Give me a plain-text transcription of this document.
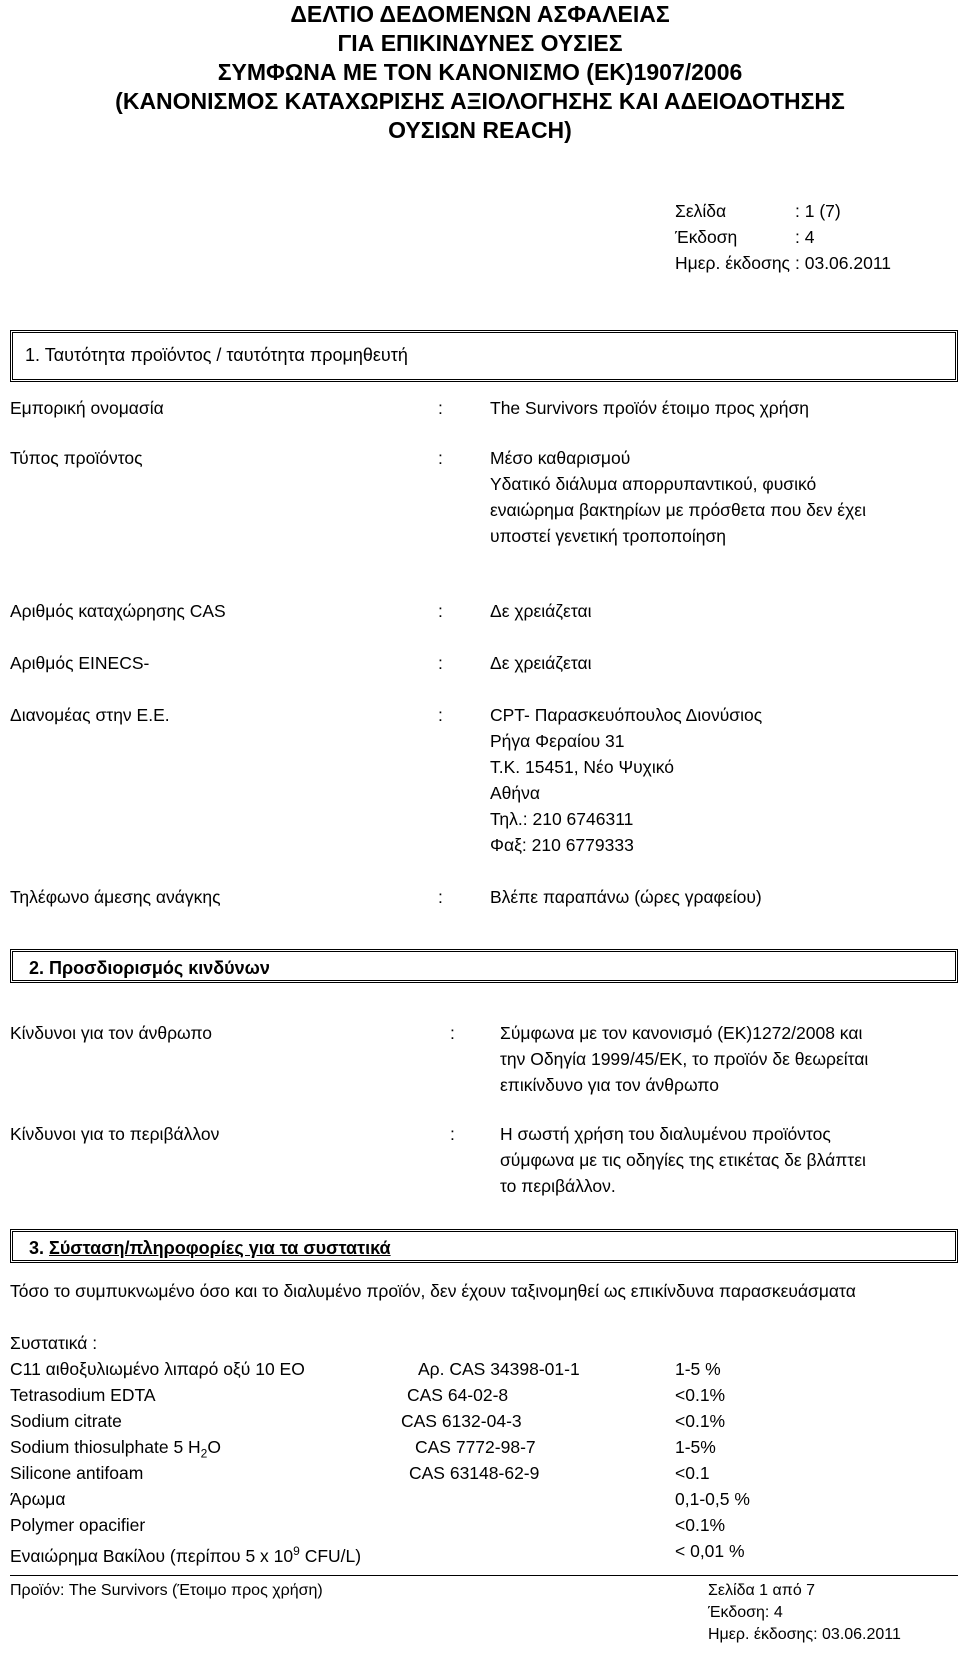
ΔΕΛΤΙΟ ΔΕΔΟΜΕΝΩΝ ΑΣΦΑΛΕΙΑΣ
ΓΙΑ ΕΠΙΚΙΝΔΥΝΕΣ ΟΥΣΙΕΣ
ΣΥΜΦΩΝΑ ΜΕ ΤΟΝ ΚΑΝΟΝΙΣΜΟ (ΕΚ)1907/2006
(ΚΑΝΟΝΙΣΜΟΣ ΚΑΤΑΧΩΡΙΣΗΣ ΑΞΙΟΛΟΓΗΣΗΣ ΚΑΙ ΑΔΕΙΟΔΟΤΗΣΗΣ
ΟΥΣΙΩΝ REACH)
Σελίδα	: 1 (7)
Έκδοση	: 4
Ημερ. έκδοσης : 03.06.2011
1. Ταυτότητα προϊόντος / ταυτότητα προμηθευτή
Εμπορική ονομασία	:	The Survivors προϊόν έτοιμο προς χρήση
Τύπος προϊόντος	:	Μέσο καθαρισμού
Υδατικό διάλυμα απορρυπαντικού, φυσικό
εναιώρημα βακτηρίων με πρόσθετα που δεν έχει
υποστεί γενετική τροποποίηση
Αριθμός καταχώρησης CAS	:	Δε χρειάζεται
Αριθμός EINECS-	:	Δε χρειάζεται
Διανομέας στην Ε.Ε.	:	CPT- Παρασκευόπουλος Διονύσιος
Ρήγα Φεραίου 31
Τ.Κ. 15451, Νέο Ψυχικό
Αθήνα
Τηλ.: 210 6746311
Φαξ: 210 6779333
Τηλέφωνο άμεσης ανάγκης	:	Βλέπε παραπάνω (ώρες γραφείου)
2. Προσδιορισμός κινδύνων
Κίνδυνοι για τον άνθρωπο	:	Σύμφωνα με τον κανονισμό (ΕΚ)1272/2008 και
την Οδηγία 1999/45/ΕΚ, το προϊόν δε θεωρείται
επικίνδυνο για τον άνθρωπο
Κίνδυνοι για το περιβάλλον	:	Η σωστή χρήση του διαλυμένου προϊόντος
σύμφωνα με τις οδηγίες της ετικέτας δε βλάπτει
το περιβάλλον.
3. Σύσταση/πληροφορίες για τα συστατικά
Τόσο το συμπυκνωμένο όσο και το διαλυμένο προϊόν, δεν έχουν ταξινομηθεί ως επικίνδυνα παρασκευάσματα
Συστατικά :
C11 αιθοξυλιωμένο λιπαρό οξύ 10 ΕΟ	Αρ. CAS 34398-01-1	1-5 %
Tetrasodium EDTA	CAS 64-02-8	<0.1%
Sodium citrate	CAS 6132-04-3	<0.1%
Sodium thiosulphate 5 $H_2O$	CAS 7772-98-7	1-5%
Silicone antifoam	CAS 63148-62-9	<0.1
Άρωμα	0,1-0,5 %
Polymer opacifier	<0.1%
Εναιώρημα Βακίλου (περίπου 5 x $10^9$ CFU/L)	< 0,01 %
Προϊόν: The Survivors (Έτοιμο προς χρήση)	Σελίδα 1 από 7
Έκδοση: 4
Ημερ. έκδοσης: 03.06.2011
